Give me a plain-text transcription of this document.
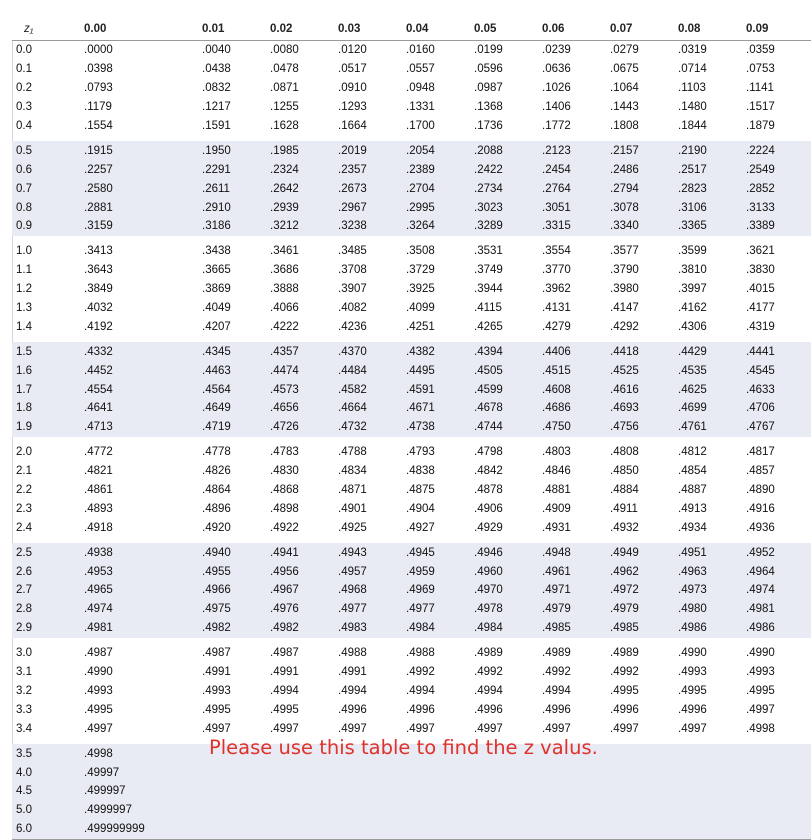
z₁	0.00	0.01	0.02	0.03	0.04	0.05	0.06	0.07	0.08	0.09
0.0	.0000	.0040	.0080	.0120	.0160	.0199	.0239	.0279	.0319	.0359
0.1	.0398	.0438	.0478	.0517	.0557	.0596	.0636	.0675	.0714	.0753
0.2	.0793	.0832	.0871	.0910	.0948	.0987	.1026	.1064	.1103	.1141
0.3	.1179	.1217	.1255	.1293	.1331	.1368	.1406	.1443	.1480	.1517
0.4	.1554	.1591	.1628	.1664	.1700	.1736	.1772	.1808	.1844	.1879

0.5	.1915	.1950	.1985	.2019	.2054	.2088	.2123	.2157	.2190	.2224
0.6	.2257	.2291	.2324	.2357	.2389	.2422	.2454	.2486	.2517	.2549
0.7	.2580	.2611	.2642	.2673	.2704	.2734	.2764	.2794	.2823	.2852
0.8	.2881	.2910	.2939	.2967	.2995	.3023	.3051	.3078	.3106	.3133
0.9	.3159	.3186	.3212	.3238	.3264	.3289	.3315	.3340	.3365	.3389

1.0	.3413	.3438	.3461	.3485	.3508	.3531	.3554	.3577	.3599	.3621
1.1	.3643	.3665	.3686	.3708	.3729	.3749	.3770	.3790	.3810	.3830
1.2	.3849	.3869	.3888	.3907	.3925	.3944	.3962	.3980	.3997	.4015
1.3	.4032	.4049	.4066	.4082	.4099	.4115	.4131	.4147	.4162	.4177
1.4	.4192	.4207	.4222	.4236	.4251	.4265	.4279	.4292	.4306	.4319

1.5	.4332	.4345	.4357	.4370	.4382	.4394	.4406	.4418	.4429	.4441
1.6	.4452	.4463	.4474	.4484	.4495	.4505	.4515	.4525	.4535	.4545
1.7	.4554	.4564	.4573	.4582	.4591	.4599	.4608	.4616	.4625	.4633
1.8	.4641	.4649	.4656	.4664	.4671	.4678	.4686	.4693	.4699	.4706
1.9	.4713	.4719	.4726	.4732	.4738	.4744	.4750	.4756	.4761	.4767

2.0	.4772	.4778	.4783	.4788	.4793	.4798	.4803	.4808	.4812	.4817
2.1	.4821	.4826	.4830	.4834	.4838	.4842	.4846	.4850	.4854	.4857
2.2	.4861	.4864	.4868	.4871	.4875	.4878	.4881	.4884	.4887	.4890
2.3	.4893	.4896	.4898	.4901	.4904	.4906	.4909	.4911	.4913	.4916
2.4	.4918	.4920	.4922	.4925	.4927	.4929	.4931	.4932	.4934	.4936

2.5	.4938	.4940	.4941	.4943	.4945	.4946	.4948	.4949	.4951	.4952
2.6	.4953	.4955	.4956	.4957	.4959	.4960	.4961	.4962	.4963	.4964
2.7	.4965	.4966	.4967	.4968	.4969	.4970	.4971	.4972	.4973	.4974
2.8	.4974	.4975	.4976	.4977	.4977	.4978	.4979	.4979	.4980	.4981
2.9	.4981	.4982	.4982	.4983	.4984	.4984	.4985	.4985	.4986	.4986

3.0	.4987	.4987	.4987	.4988	.4988	.4989	.4989	.4989	.4990	.4990
3.1	.4990	.4991	.4991	.4991	.4992	.4992	.4992	.4992	.4993	.4993
3.2	.4993	.4993	.4994	.4994	.4994	.4994	.4994	.4995	.4995	.4995
3.3	.4995	.4995	.4995	.4996	.4996	.4996	.4996	.4996	.4996	.4997
3.4	.4997	.4997	.4997	.4997	.4997	.4997	.4997	.4997	.4997	.4998

3.5	.4998									
4.0	.49997									
4.5	.499997									
5.0	.4999997									
6.0	.499999999									
Please use this table to find the z valus.
